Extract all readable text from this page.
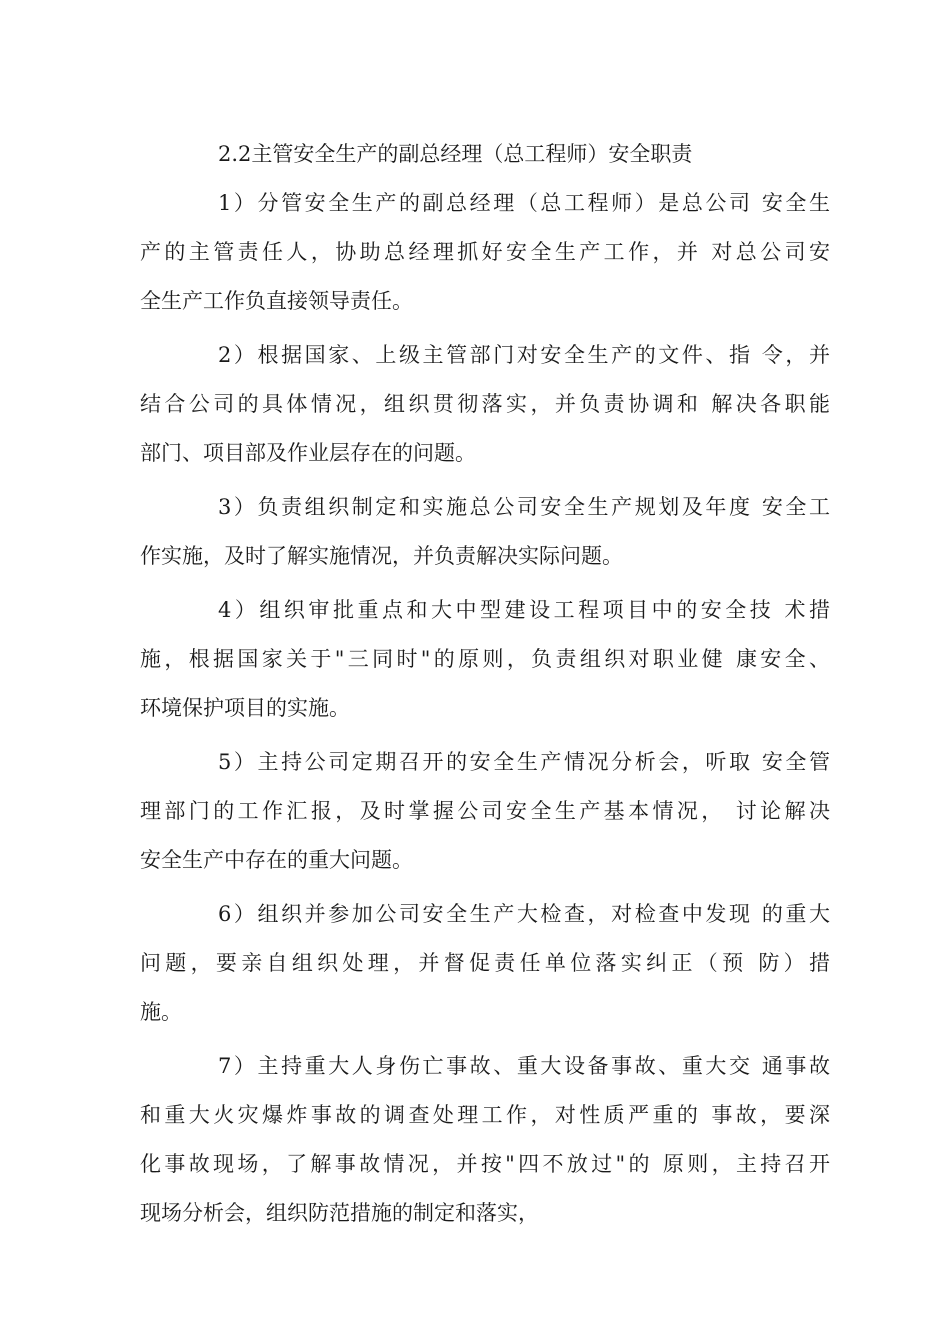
2.2主管安全生产的副总经理（总工程师）安全职责
1）分管安全生产的副总经理（总工程师）是总公司 安全生
产的主管责任人，协助总经理抓好安全生产工作，并 对总公司安
全生产工作负直接领导责任。
2）根据国家、上级主管部门对安全生产的文件、指 令，并
结合公司的具体情况，组织贯彻落实，并负责协调和 解决各职能
部门、项目部及作业层存在的问题。
3）负责组织制定和实施总公司安全生产规划及年度 安全工
作实施，及时了解实施情况，并负责解决实际问题。
4）组织审批重点和大中型建设工程项目中的安全技 术措
施，根据国家关于"三同时"的原则，负责组织对职业健 康安全、
环境保护项目的实施。
5）主持公司定期召开的安全生产情况分析会，听取 安全管
理部门的工作汇报，及时掌握公司安全生产基本情况， 讨论解决
安全生产中存在的重大问题。
6）组织并参加公司安全生产大检查，对检查中发现 的重大
问题，要亲自组织处理，并督促责任单位落实纠正（预 防）措
施。
7）主持重大人身伤亡事故、重大设备事故、重大交 通事故
和重大火灾爆炸事故的调查处理工作，对性质严重的 事故，要深
化事故现场，了解事故情况，并按"四不放过"的 原则，主持召开
现场分析会，组织防范措施的制定和落实，
